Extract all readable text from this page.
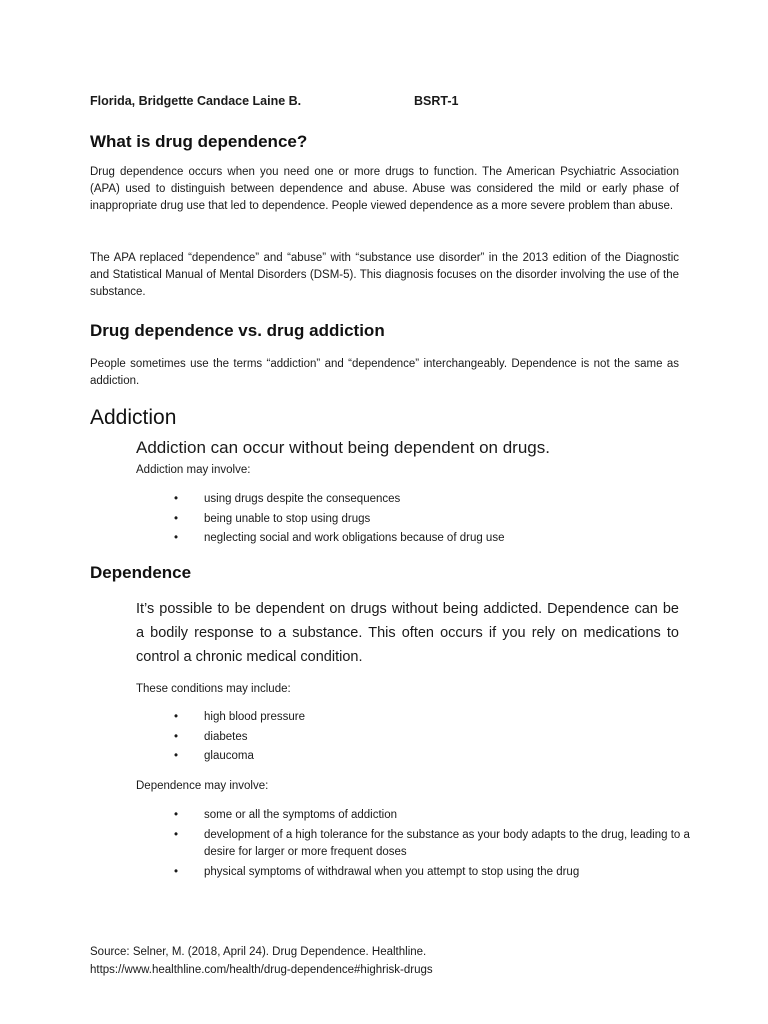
Florida, Bridgette Candace Laine B.	BSRT-1
What is drug dependence?

Drug dependence occurs when you need one or more drugs to function. The American Psychiatric Association (APA) used to distinguish between dependence and abuse. Abuse was considered the mild or early phase of inappropriate drug use that led to dependence. People viewed dependence as a more severe problem than abuse.

The APA replaced “dependence” and “abuse” with “substance use disorder” in the 2013 edition of the Diagnostic and Statistical Manual of Mental Disorders (DSM-5). This diagnosis focuses on the disorder involving the use of the substance.

Drug dependence vs. drug addiction

People sometimes use the terms “addiction” and “dependence” interchangeably. Dependence is not the same as addiction.

Addiction

Addiction can occur without being dependent on drugs.

Addiction may involve:

• using drugs despite the consequences
• being unable to stop using drugs
• neglecting social and work obligations because of drug use
Dependence

It’s possible to be dependent on drugs without being addicted. Dependence can be a bodily response to a substance. This often occurs if you rely on medications to control a chronic medical condition.

These conditions may include:

• high blood pressure
• diabetes
• glaucoma

Dependence may involve:

• some or all the symptoms of addiction
• development of a high tolerance for the substance as your body adapts to the drug, leading to a desire for larger or more frequent doses
• physical symptoms of withdrawal when you attempt to stop using the drug
Source: Selner, M. (2018, April 24). Drug Dependence. Healthline.
https://www.healthline.com/health/drug-dependence#highrisk-drugs
